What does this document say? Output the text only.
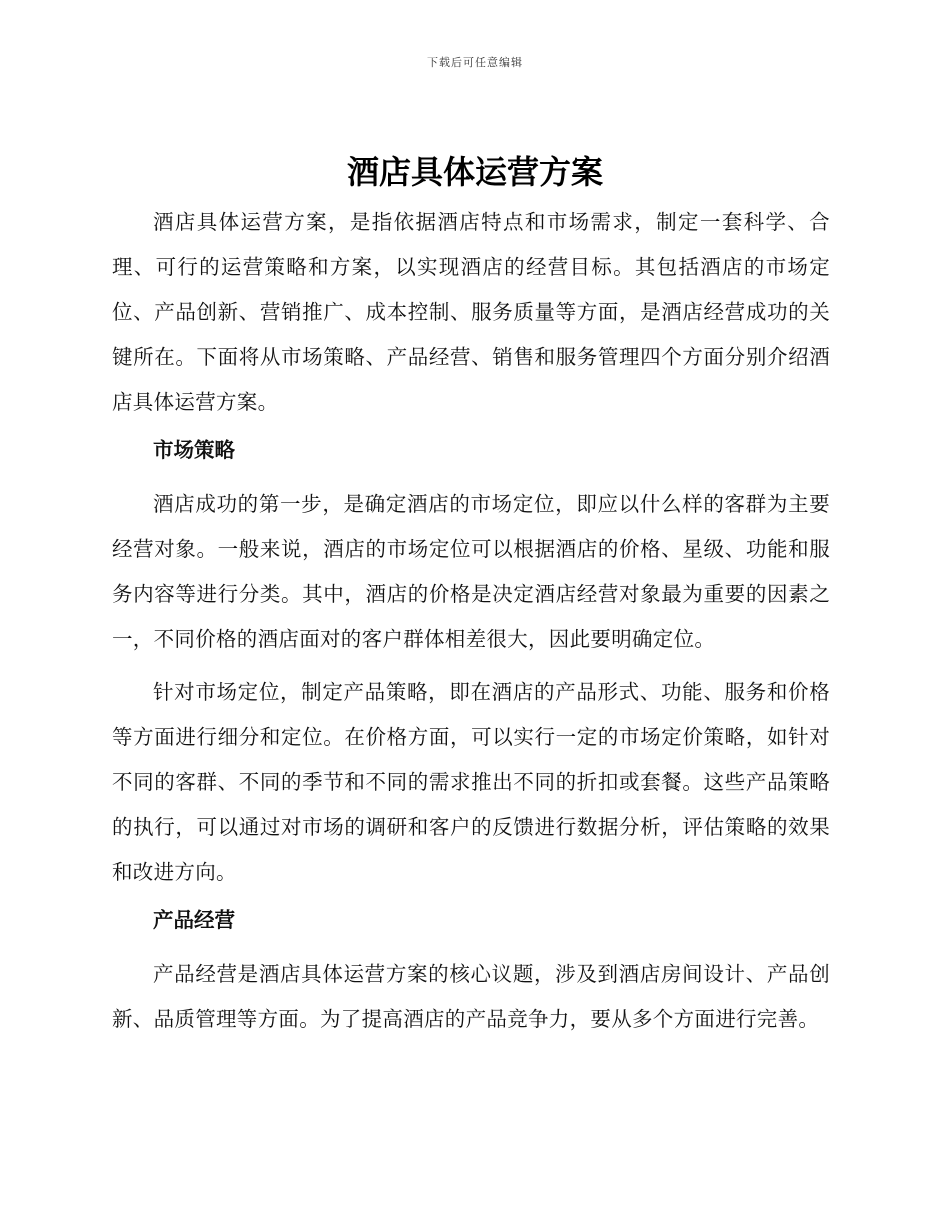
下载后可任意编辑
酒店具体运营方案

酒店具体运营方案，是指依据酒店特点和市场需求，制定一套科学、合理、可行的运营策略和方案，以实现酒店的经营目标。其包括酒店的市场定位、产品创新、营销推广、成本控制、服务质量等方面，是酒店经营成功的关键所在。下面将从市场策略、产品经营、销售和服务管理四个方面分别介绍酒店具体运营方案。

市场策略

酒店成功的第一步，是确定酒店的市场定位，即应以什么样的客群为主要经营对象。一般来说，酒店的市场定位可以根据酒店的价格、星级、功能和服务内容等进行分类。其中，酒店的价格是决定酒店经营对象最为重要的因素之一，不同价格的酒店面对的客户群体相差很大，因此要明确定位。

针对市场定位，制定产品策略，即在酒店的产品形式、功能、服务和价格等方面进行细分和定位。在价格方面，可以实行一定的市场定价策略，如针对不同的客群、不同的季节和不同的需求推出不同的折扣或套餐。这些产品策略的执行，可以通过对市场的调研和客户的反馈进行数据分析，评估策略的效果和改进方向。

产品经营

产品经营是酒店具体运营方案的核心议题，涉及到酒店房间设计、产品创新、品质管理等方面。为了提高酒店的产品竞争力，要从多个方面进行完善。
